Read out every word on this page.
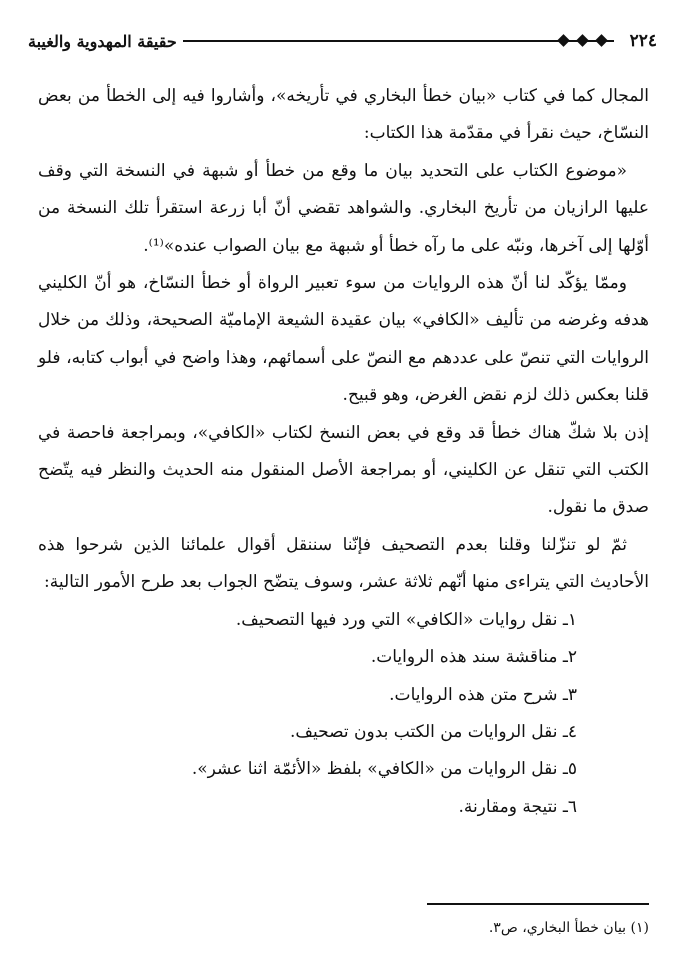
٢٢٤
حقيقة المهدوية والغيبة

المجال كما في كتاب «بيان خطأ البخاري في تأريخه»، وأشاروا فيه إلى الخطأ من بعض النسّاخ، حيث نقرأ في مقدّمة هذا الكتاب:

«موضوع الكتاب على التحديد بيان ما وقع من خطأ أو شبهة في النسخة التي وقف عليها الرازيان من تأريخ البخاري. والشواهد تقضي أنّ أبا زرعة استقرأ تلك النسخة من أوّلها إلى آخرها، ونبّه على ما رآه خطأ أو شبهة مع بيان الصواب عنده»⁽¹⁾.

وممّا يؤكّد لنا أنّ هذه الروايات من سوء تعبير الرواة أو خطأ النسّاخ، هو أنّ الكليني هدفه وغرضه من تأليف «الكافي» بيان عقيدة الشيعة الإماميّة الصحيحة، وذلك من خلال الروايات التي تنصّ على عددهم مع النصّ على أسمائهم، وهذا واضح في أبواب كتابه، فلو قلنا بعكس ذلك لزم نقض الغرض، وهو قبيح.

إذن بلا شكّ هناك خطأ قد وقع في بعض النسخ لكتاب «الكافي»، وبمراجعة فاحصة في الكتب التي تنقل عن الكليني، أو بمراجعة الأصل المنقول منه الحديث والنظر فيه يتّضح صدق ما نقول.

ثمّ لو تنزّلنا وقلنا بعدم التصحيف فإنّنا سننقل أقوال علمائنا الذين شرحوا هذه الأحاديث التي يتراءى منها أنّهم ثلاثة عشر، وسوف يتضّح الجواب بعد طرح الأمور التالية:

١ـ نقل روايات «الكافي» التي ورد فيها التصحيف.
٢ـ مناقشة سند هذه الروايات.
٣ـ شرح متن هذه الروايات.
٤ـ نقل الروايات من الكتب بدون تصحيف.
٥ـ نقل الروايات من «الكافي» بلفظ «الأئمّة اثنا عشر».
٦ـ نتيجة ومقارنة.
(١) بيان خطأ البخاري، ص٣.
